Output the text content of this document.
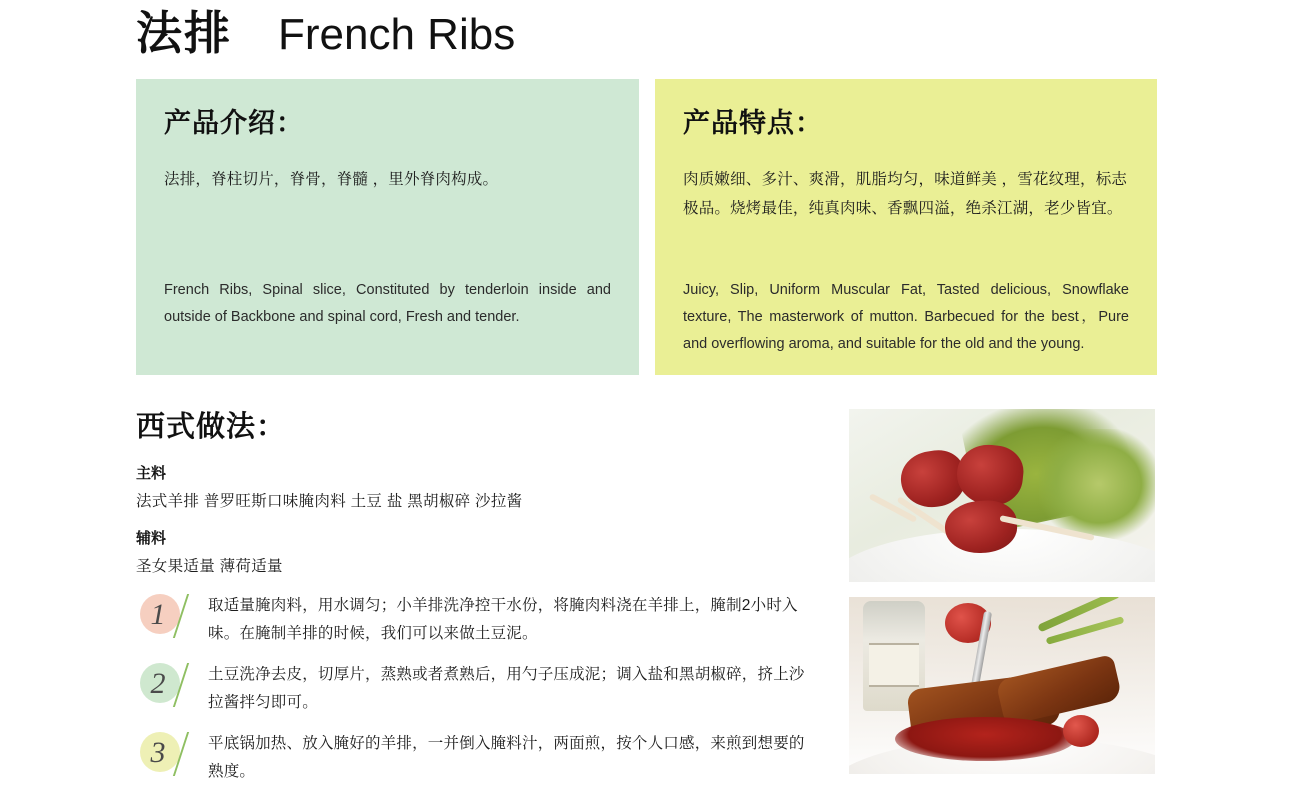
法排 French Ribs
产品介绍：

法排，脊柱切片，脊骨，脊髓 ，里外脊肉构成。

French Ribs, Spinal slice, Constituted by tenderloin inside and outside of Backbone and spinal cord, Fresh and tender.

产品特点：

肉质嫩细、多汁、爽滑，肌脂均匀，味道鲜美 ，雪花纹理，标志极品。烧烤最佳，纯真肉味、香飘四溢，绝杀江湖，老少皆宜。

Juicy, Slip, Uniform Muscular Fat, Tasted delicious, Snowflake texture, The masterwork of mutton. Barbecued for the best，Pure and overflowing aroma, and suitable for the old and the young.

西式做法：
主料
法式羊排 普罗旺斯口味腌肉料 土豆 盐 黑胡椒碎 沙拉酱
辅料
圣女果适量 薄荷适量
1	取适量腌肉料，用水调匀；小羊排洗净控干水份，将腌肉料浇在羊排上，腌制2小时入味。在腌制羊排的时候，我们可以来做土豆泥。
2	土豆洗净去皮，切厚片，蒸熟或者煮熟后，用勺子压成泥；调入盐和黑胡椒碎，挤上沙拉酱拌匀即可。
3	平底锅加热、放入腌好的羊排，一并倒入腌料汁，两面煎，按个人口感，来煎到想要的熟度。
